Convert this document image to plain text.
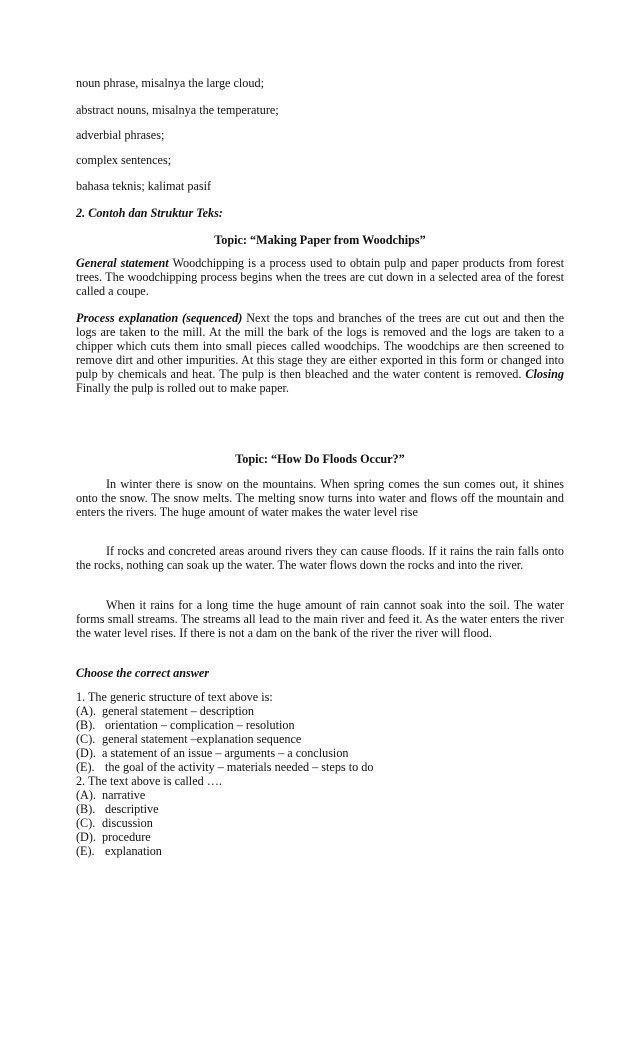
noun phrase, misalnya the large cloud;
abstract nouns, misalnya the temperature;
adverbial phrases;
complex sentences;
bahasa teknis; kalimat pasif
2. Contoh dan Struktur Teks:
Topic: “Making Paper from Woodchips”
General statement Woodchipping is a process used to obtain pulp and paper products from forest trees. The woodchipping process begins when the trees are cut down in a selected area of the forest called a coupe.
Process explanation (sequenced) Next the tops and branches of the trees are cut out and then the logs are taken to the mill. At the mill the bark of the logs is removed and the logs are taken to a chipper which cuts them into small pieces called woodchips. The woodchips are then screened to remove dirt and other impurities. At this stage they are either exported in this form or changed into pulp by chemicals and heat. The pulp is then bleached and the water content is removed. Closing Finally the pulp is rolled out to make paper.
Topic: “How Do Floods Occur?”
In winter there is snow on the mountains. When spring comes the sun comes out, it shines onto the snow. The snow melts. The melting snow turns into water and flows off the mountain and enters the rivers. The huge amount of water makes the water level rise
If rocks and concreted areas around rivers they can cause floods. If it rains the rain falls onto the rocks, nothing can soak up the water. The water flows down the rocks and into the river.
When it rains for a long time the huge amount of rain cannot soak into the soil. The water forms small streams. The streams all lead to the main river and feed it. As the water enters the river the water level rises. If there is not a dam on the bank of the river the river will flood.
Choose the correct answer
1. The generic structure of text above is:
(A). general statement – description
(B). orientation – complication – resolution
(C). general statement –explanation sequence
(D). a statement of an issue – arguments – a conclusion
(E). the goal of the activity – materials needed – steps to do
2. The text above is called ….
(A). narrative
(B). descriptive
(C). discussion
(D). procedure
(E). explanation
